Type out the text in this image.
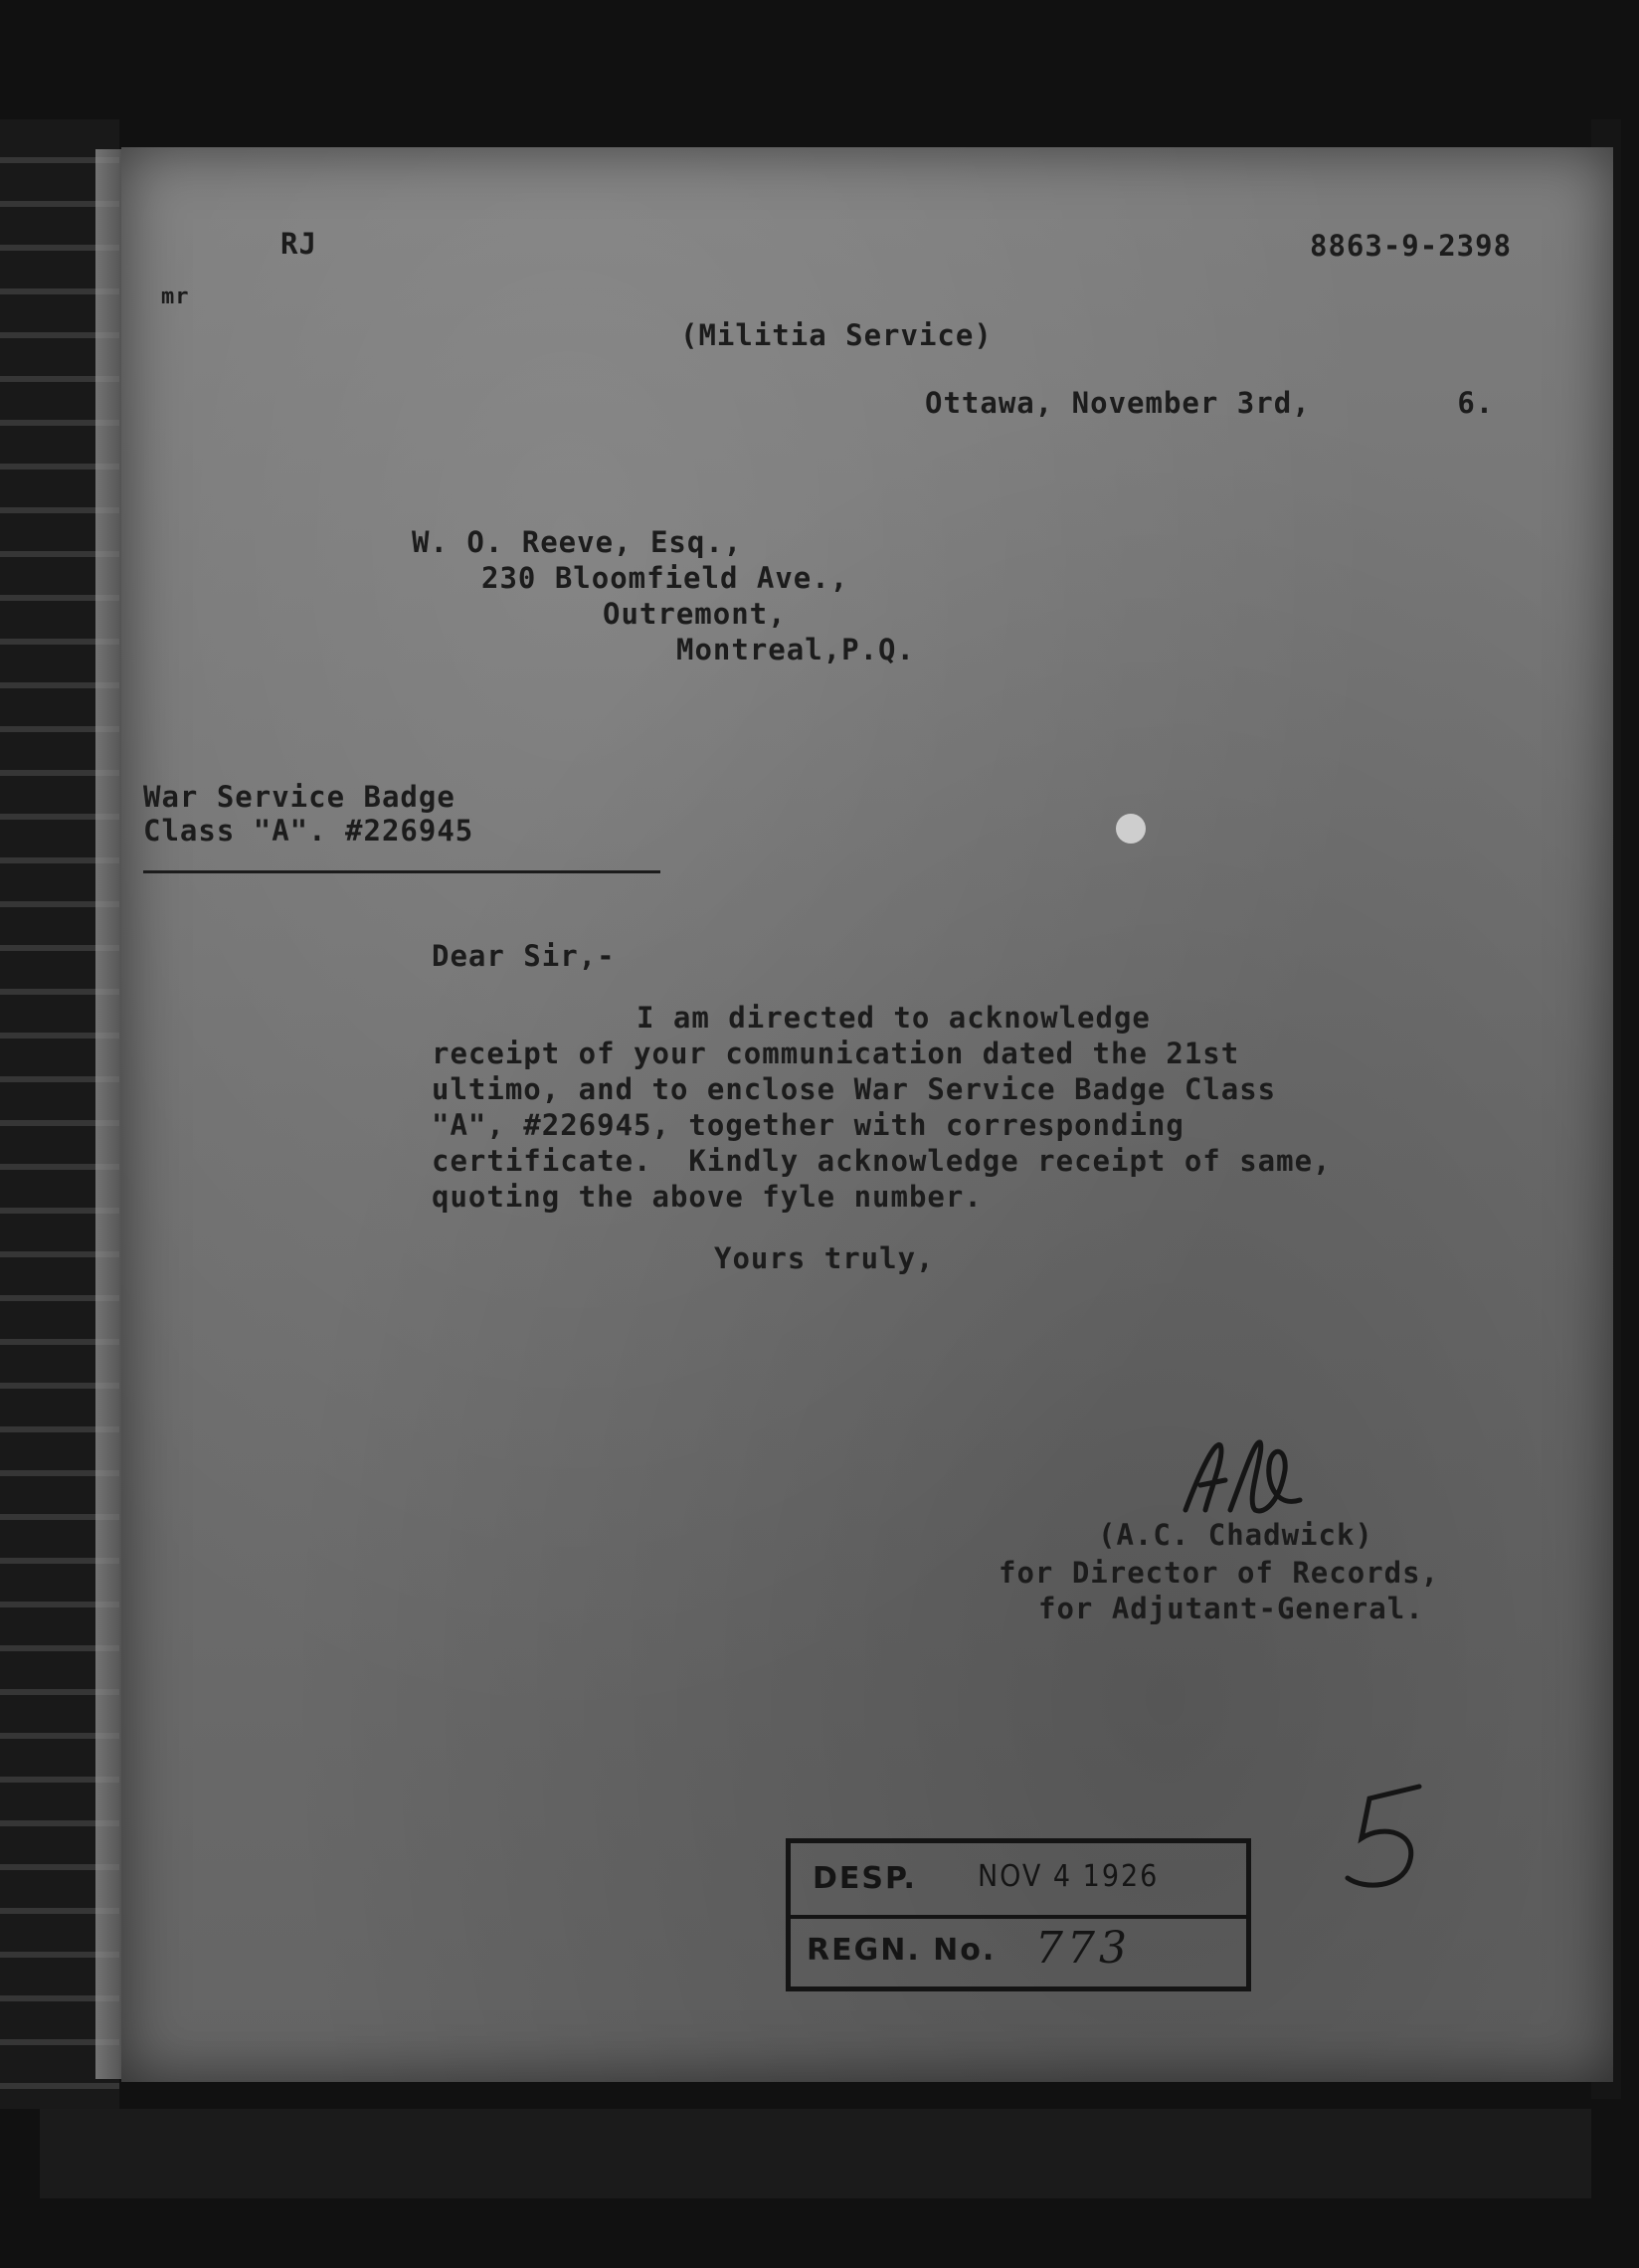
RJ
mr
8863-9-2398
(Militia Service)
Ottawa, November 3rd,        6.
W. O. Reeve, Esq.,
230 Bloomfield Ave.,
Outremont,
Montreal,P.Q.
War Service Badge
Class "A". #226945
Dear Sir,-
I am directed to acknowledge
receipt of your communication dated the 21st
ultimo, and to enclose War Service Badge Class
"A", #226945, together with corresponding
certificate.  Kindly acknowledge receipt of same,
quoting the above fyle number.
Yours truly,
(A.C. Chadwick)
for Director of Records,
for Adjutant-General.
DESP. NOV 4 1926
REGN. No. 773
